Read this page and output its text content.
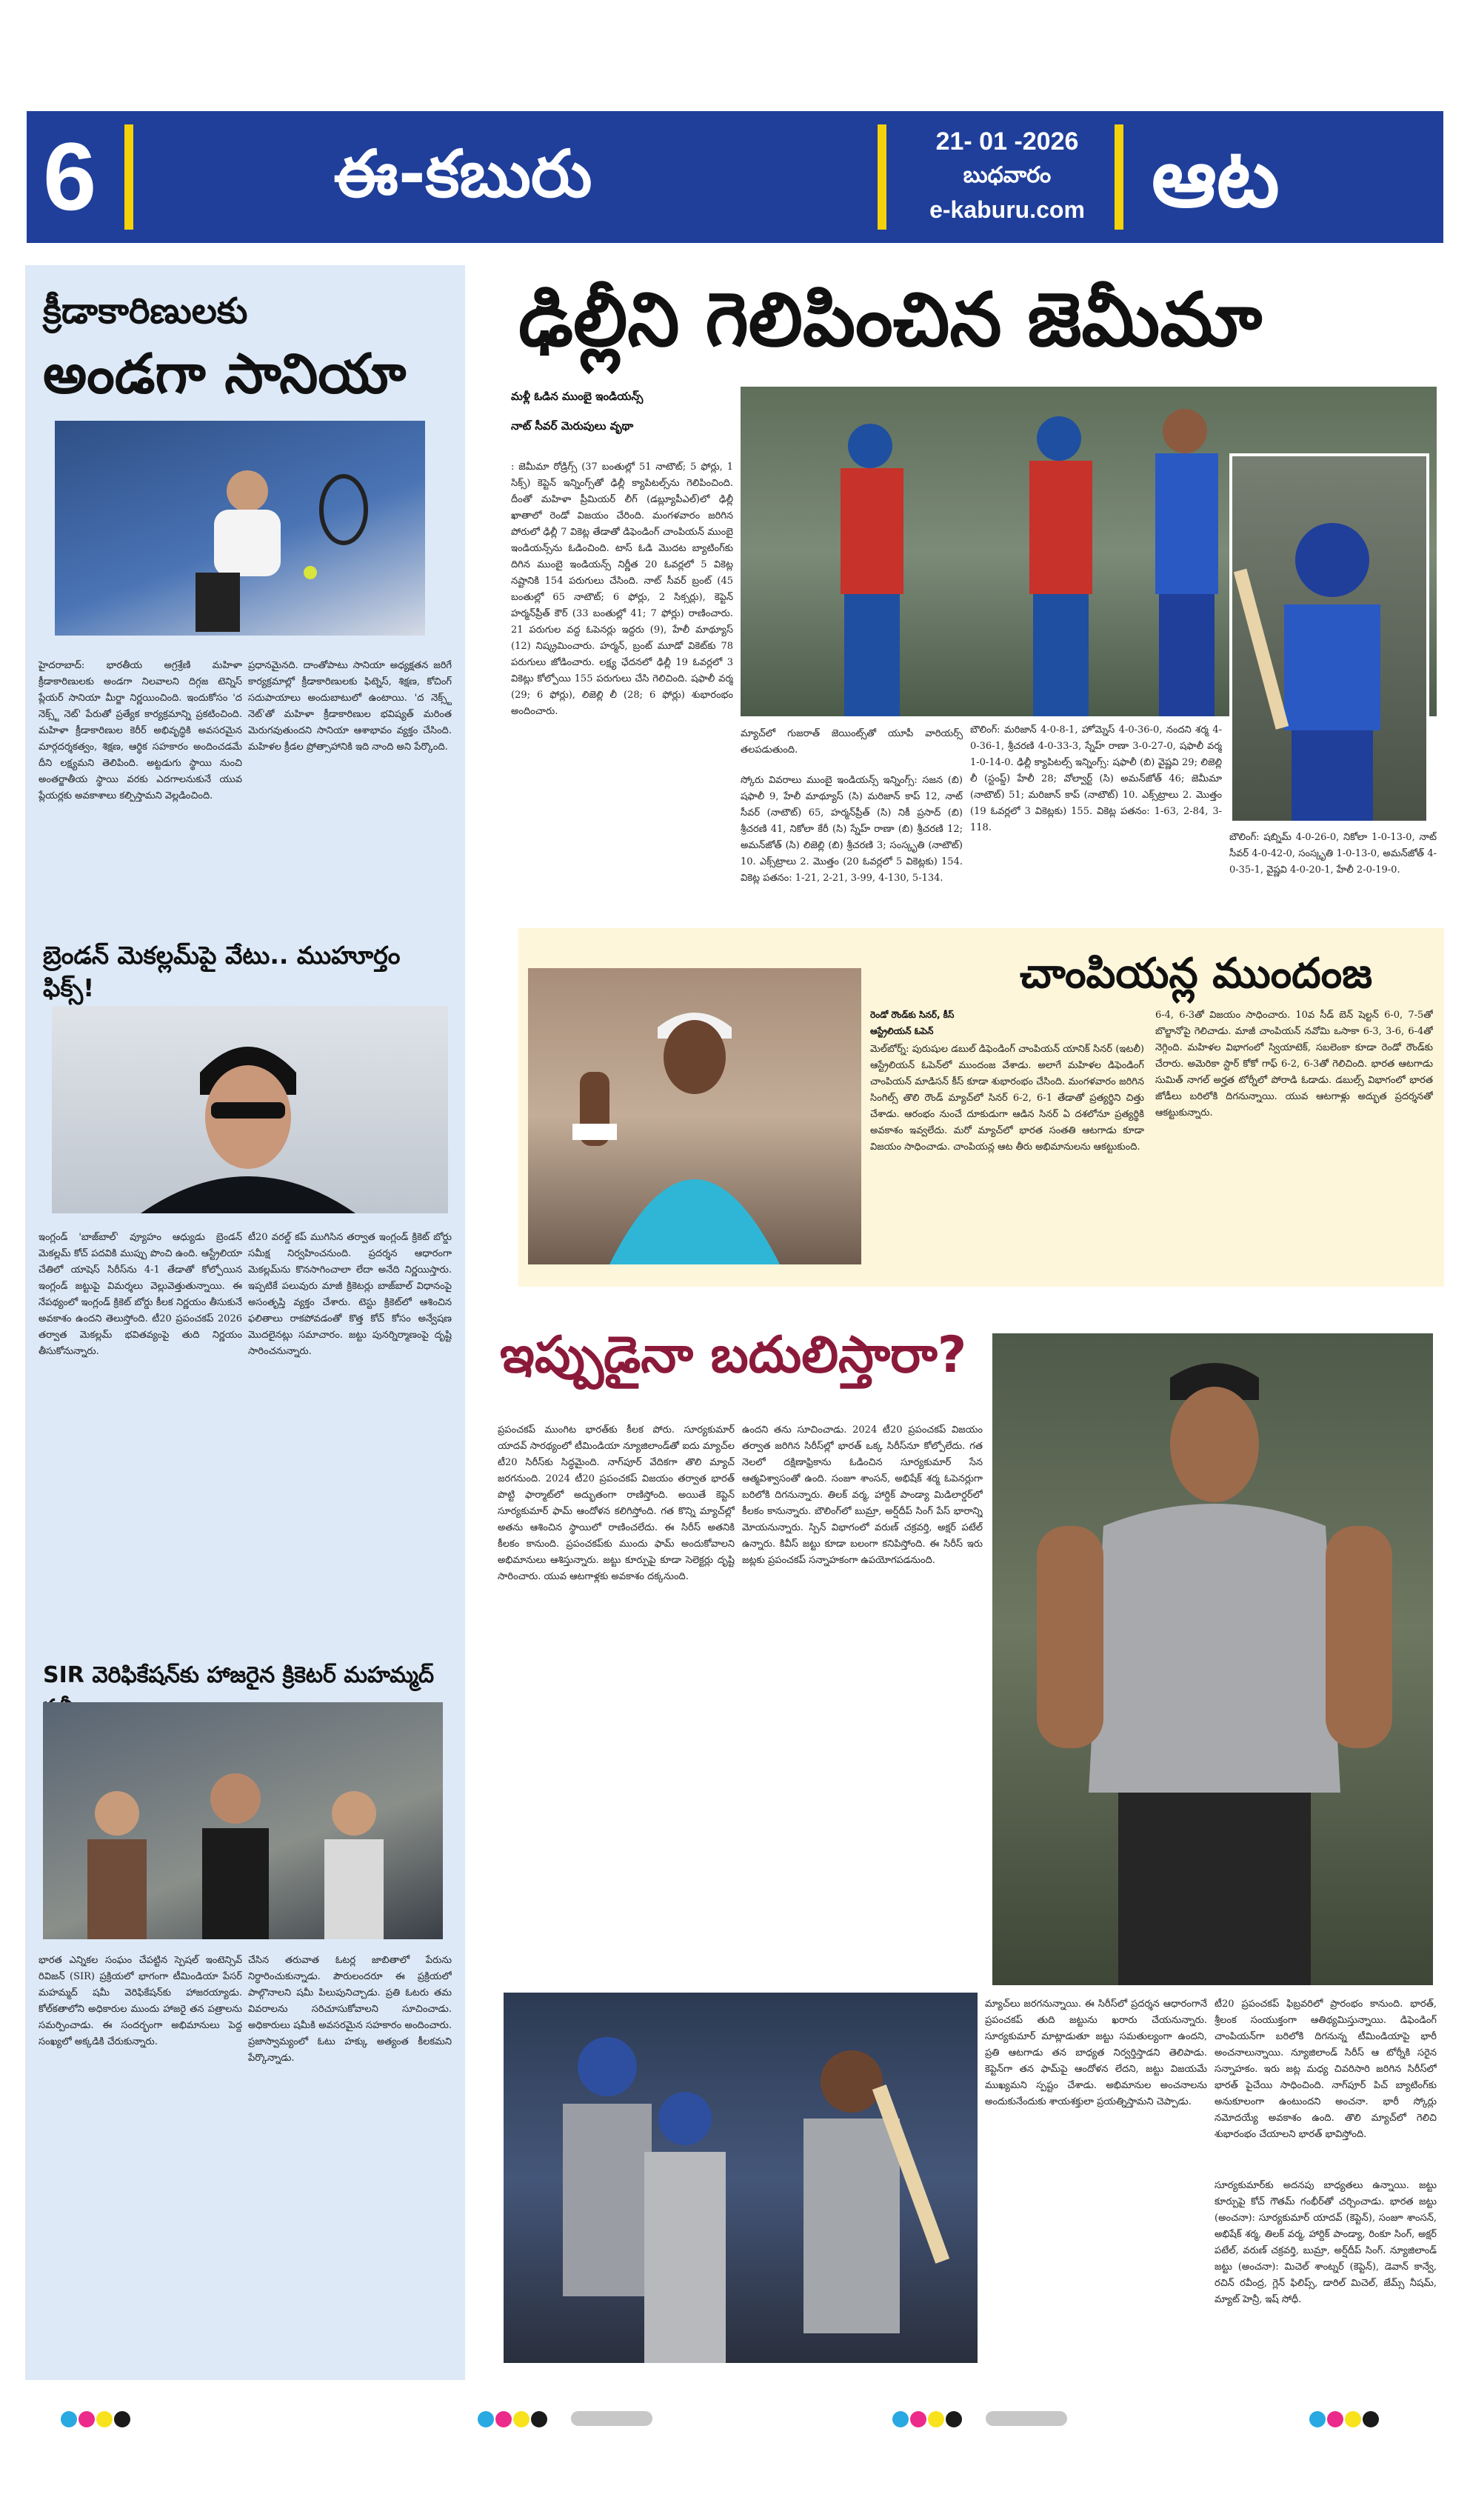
6	ఈ-కబురు	21- 01 -2026
బుధవారం
e-kaburu.com ఆట
క్రీడాకారిణులకు
అండగా సానియా
హైదరాబాద్: భారతీయ అగ్రశ్రేణి మహిళా క్రీడాకారిణులకు అండగా నిలవాలని దిగ్గజ టెన్నిస్ ప్లేయర్ సానియా మీర్జా నిర్ణయించింది. ఇందుకోసం 'ద నెక్స్ట్ నెట్' పేరుతో ప్రత్యేక కార్యక్రమాన్ని ప్రకటించింది. మహిళా క్రీడాకారిణుల కెరీర్ అభివృద్ధికి అవసరమైన మార్గదర్శకత్వం, శిక్షణ, ఆర్థిక సహకారం అందించడమే దీని లక్ష్యమని తెలిపింది. అట్టడుగు స్థాయి నుంచి అంతర్జాతీయ స్థాయి వరకు ఎదగాలనుకునే యువ ప్లేయర్లకు అవకాశాలు కల్పిస్తామని వెల్లడించింది.
ప్రధానమైనది. దాంతోపాటు సానియా అధ్యక్షతన జరిగే కార్యక్రమాల్లో క్రీడాకారిణులకు ఫిట్నెస్, శిక్షణ, కోచింగ్ సదుపాయాలు అందుబాటులో ఉంటాయి. 'ద నెక్స్ట్ నెట్'తో మహిళా క్రీడాకారిణుల భవిష్యత్ మరింత మెరుగవుతుందని సానియా ఆశాభావం వ్యక్తం చేసింది. మహిళల క్రీడల ప్రోత్సాహానికి ఇది నాంది అని పేర్కొంది.
బ్రెండన్ మెకల్లమ్‌పై వేటు.. ముహూర్తం ఫిక్స్!
ఇంగ్లండ్ 'బాజ్‌బాల్' వ్యూహం ఆధ్యుడు బ్రెండన్ మెకల్లమ్ కోచ్ పదవికి ముప్పు పొంచి ఉంది. ఆస్ట్రేలియా చేతిలో యాషెస్ సిరీస్‌ను 4-1 తేడాతో కోల్పోయిన ఇంగ్లండ్ జట్టుపై విమర్శలు వెల్లువెత్తుతున్నాయి. ఈ నేపథ్యంలో ఇంగ్లండ్ క్రికెట్ బోర్డు కీలక నిర్ణయం తీసుకునే అవకాశం ఉందని తెలుస్తోంది. టీ20 ప్రపంచకప్ 2026 తర్వాత మెకల్లమ్ భవితవ్యంపై తుది నిర్ణయం తీసుకోనున్నారు.
టీ20 వరల్డ్ కప్ ముగిసిన తర్వాత ఇంగ్లండ్ క్రికెట్ బోర్డు సమీక్ష నిర్వహించనుంది. ప్రదర్శన ఆధారంగా మెకల్లమ్‌ను కొనసాగించాలా లేదా అనేది నిర్ణయిస్తారు. ఇప్పటికే పలువురు మాజీ క్రికెటర్లు బాజ్‌బాల్ విధానంపై అసంతృప్తి వ్యక్తం చేశారు. టెస్టు క్రికెట్‌లో ఆశించిన ఫలితాలు రాకపోవడంతో కొత్త కోచ్ కోసం అన్వేషణ మొదలైనట్లు సమాచారం. జట్టు పునర్నిర్మాణంపై దృష్టి సారించనున్నారు.
SIR వెరిఫికేషన్‌కు హాజరైన క్రికెటర్ మహమ్మద్
భారత ఎన్నికల సంఘం చేపట్టిన స్పెషల్ ఇంటెన్సివ్ రివిజన్ (SIR) ప్రక్రియలో భాగంగా టీమిండియా పేసర్ మహమ్మద్ షమీ వెరిఫికేషన్‌కు హాజరయ్యాడు. కోల్‌కతాలోని అధికారుల ముందు హాజరై తన పత్రాలను సమర్పించాడు. ఈ సందర్భంగా అభిమానులు పెద్ద సంఖ్యలో అక్కడికి చేరుకున్నారు.
చేసిన తరువాత ఓటర్ల జాబితాలో పేరును నిర్ధారించుకున్నాడు. పౌరులందరూ ఈ ప్రక్రియలో పాల్గొనాలని షమీ పిలుపునిచ్చాడు. ప్రతి ఓటరు తమ వివరాలను సరిచూసుకోవాలని సూచించాడు. అధికారులు షమీకి అవసరమైన సహకారం అందించారు. ప్రజాస్వామ్యంలో ఓటు హక్కు అత్యంత కీలకమని పేర్కొన్నాడు.
ఢిల్లీని గెలిపించిన జెమీమా
మళ్లీ ఓడిన ముంబై ఇండియన్స్
నాట్ సీవర్ మెరుపులు వృథా
: జెమీమా రోడ్రిగ్స్ (37 బంతుల్లో 51 నాటౌట్; 5 ఫోర్లు, 1 సిక్స్) కెప్టెన్ ఇన్నింగ్స్‌తో ఢిల్లీ క్యాపిటల్స్‌ను గెలిపించింది. దీంతో మహిళా ప్రీమియర్ లీగ్ (డబ్ల్యూపీఎల్)లో ఢిల్లీ ఖాతాలో రెండో విజయం చేరింది. మంగళవారం జరిగిన పోరులో ఢిల్లీ 7 వికెట్ల తేడాతో డిఫెండింగ్ చాంపియన్ ముంబై ఇండియన్స్‌ను ఓడించింది. టాస్ ఓడి మొదట బ్యాటింగ్‌కు దిగిన ముంబై ఇండియన్స్ నిర్ణీత 20 ఓవర్లలో 5 వికెట్ల నష్టానికి 154 పరుగులు చేసింది. నాట్ సీవర్ బ్రంట్ (45 బంతుల్లో 65 నాటౌట్; 6 ఫోర్లు, 2 సిక్సర్లు), కెప్టెన్ హర్మన్‌ప్రీత్ కౌర్ (33 బంతుల్లో 41; 7 ఫోర్లు) రాణించారు. 21 పరుగుల వద్ద ఓపెనర్లు ఇద్దరు (9), హేలీ మాథ్యూస్ (12) నిష్క్రమించారు. హర్మన్, బ్రంట్ మూడో వికెట్‌కు 78 పరుగులు జోడించారు. లక్ష్య ఛేదనలో ఢిల్లీ 19 ఓవర్లలో 3 వికెట్లు కోల్పోయి 155 పరుగులు చేసి గెలిచింది. షఫాలీ వర్మ (29; 6 ఫోర్లు), లిజెల్లి లీ (28; 6 ఫోర్లు) శుభారంభం అందించారు.
మ్యాచ్‌లో గుజరాత్ జెయింట్స్‌తో యూపీ వారియర్స్ తలపడుతుంది.
స్కోరు వివరాలు ముంబై ఇండియన్స్ ఇన్నింగ్స్: సజన (బి) షఫాలీ 9, హేలీ మాథ్యూస్ (సి) మరిజాన్ కాప్ 12, నాట్ సీవర్ (నాటౌట్) 65, హర్మన్‌ప్రీత్ (సి) నికీ ప్రసాద్ (బి) శ్రీచరణి 41, నికోలా కేరీ (సి) స్నేహ్ రాణా (బి) శ్రీచరణి 12; అమన్‌జోత్ (సి) లిజెల్లి (బి) శ్రీచరణి 3; సంస్కృతి (నాటౌట్) 10. ఎక్స్‌ట్రాలు 2. మొత్తం (20 ఓవర్లలో 5 వికెట్లకు) 154. వికెట్ల పతనం: 1-21, 2-21, 3-99, 4-130, 5-134.
బౌలింగ్: మరిజాన్ 4-0-8-1, హోమ్నెస్ 4-0-36-0, నందని శర్మ 4-0-36-1, శ్రీచరణి 4-0-33-3, స్నేహ్ రాణా 3-0-27-0, షఫాలీ వర్మ 1-0-14-0. ఢిల్లీ క్యాపిటల్స్ ఇన్నింగ్స్: షఫాలీ (బి) వైష్ణవి 29; లిజెల్లి లీ (స్టంప్డ్) హేలీ 28; వోల్వార్ట్ (సి) అమన్‌జోత్ 46; జెమీమా (నాటౌట్) 51; మరిజాన్ కాప్ (నాటౌట్) 10. ఎక్స్‌ట్రాలు 2. మొత్తం (19 ఓవర్లలో 3 వికెట్లకు) 155. వికెట్ల పతనం: 1-63, 2-84, 3-118.
బౌలింగ్: షబ్నిమ్ 4-0-26-0, నికోలా 1-0-13-0, నాట్ సీవర్ 4-0-42-0, సంస్కృతి 1-0-13-0, అమన్‌జోత్ 4-0-35-1, వైష్ణవి 4-0-20-1, హేలీ 2-0-19-0.
చాంపియన్ల ముందంజ
రెండో రౌండ్‌కు సినర్, కీస్
ఆస్ట్రేలియన్ ఓపెన్
మెల్‌బోర్న్: పురుషుల డబుల్ డిఫెండింగ్ చాంపియన్ యానిక్ సినర్ (ఇటలీ) ఆస్ట్రేలియన్ ఓపెన్‌లో ముందంజ వేశాడు. అలాగే మహిళల డిఫెండింగ్ చాంపియన్ మాడిసన్ కీస్ కూడా శుభారంభం చేసింది. మంగళవారం జరిగిన సింగిల్స్ తొలి రౌండ్ మ్యాచ్‌లో సినర్ 6-2, 6-1 తేడాతో ప్రత్యర్థిని చిత్తు చేశాడు. ఆరంభం నుంచే దూకుడుగా ఆడిన సినర్ ఏ దశలోనూ ప్రత్యర్థికి అవకాశం ఇవ్వలేదు. మరో మ్యాచ్‌లో భారత సంతతి ఆటగాడు కూడా విజయం సాధించాడు. చాంపియన్ల ఆట తీరు అభిమానులను ఆకట్టుకుంది.
6-4, 6-3తో విజయం సాధించారు. 10వ సీడ్ బెన్ షెల్టన్ 6-0, 7-5తో బొల్జానోపై గెలిచాడు. మాజీ చాంపియన్ నవోమి ఒసాకా 6-3, 3-6, 6-4తో నెగ్గింది. మహిళల విభాగంలో స్వియాటెక్, సబలెంకా కూడా రెండో రౌండ్‌కు చేరారు. అమెరికా స్టార్ కోకో గాఫ్ 6-2, 6-3తో గెలిచింది. భారత ఆటగాడు సుమిత్ నాగల్ అర్హత టోర్నీలో పోరాడి ఓడాడు. డబుల్స్ విభాగంలో భారత జోడీలు బరిలోకి దిగనున్నాయి. యువ ఆటగాళ్లు అద్భుత ప్రదర్శనతో ఆకట్టుకున్నారు.
ఇప్పుడైనా బదులిస్తారా?
ప్రపంచకప్ ముంగిట భారత్‌కు కీలక పోరు. సూర్యకుమార్ యాదవ్ సారథ్యంలో టీమిండియా న్యూజిలాండ్‌తో ఐదు మ్యాచ్‌ల టీ20 సిరీస్‌కు సిద్ధమైంది. నాగ్‌పూర్ వేదికగా తొలి మ్యాచ్ జరగనుంది. 2024 టీ20 ప్రపంచకప్ విజయం తర్వాత భారత్ పొట్టి ఫార్మాట్‌లో అద్భుతంగా రాణిస్తోంది. అయితే కెప్టెన్ సూర్యకుమార్ ఫామ్ ఆందోళన కలిగిస్తోంది. గత కొన్ని మ్యాచ్‌ల్లో అతను ఆశించిన స్థాయిలో రాణించలేదు. ఈ సిరీస్ అతనికి కీలకం కానుంది. ప్రపంచకప్‌కు ముందు ఫామ్ అందుకోవాలని అభిమానులు ఆశిస్తున్నారు. జట్టు కూర్పుపై కూడా సెలెక్టర్లు దృష్టి సారించారు. యువ ఆటగాళ్లకు అవకాశం దక్కనుంది.
ఉందని తను సూచించాడు. 2024 టీ20 ప్రపంచకప్ విజయం తర్వాత జరిగిన సిరీస్‌ల్లో భారత్ ఒక్క సిరీస్‌నూ కోల్పోలేదు. గత నెలలో దక్షిణాఫ్రికాను ఓడించిన సూర్యకుమార్ సేన ఆత్మవిశ్వాసంతో ఉంది. సంజూ శాంసన్, అభిషేక్ శర్మ ఓపెనర్లుగా బరిలోకి దిగనున్నారు. తిలక్ వర్మ, హార్దిక్ పాండ్యా మిడిలార్డర్‌లో కీలకం కానున్నారు. బౌలింగ్‌లో బుమ్రా, అర్ష్‌దీప్ సింగ్ పేస్ భారాన్ని మోయనున్నారు. స్పిన్ విభాగంలో వరుణ్ చక్రవర్తి, అక్షర్ పటేల్ ఉన్నారు. కివీస్ జట్టు కూడా బలంగా కనిపిస్తోంది. ఈ సిరీస్ ఇరు జట్లకు ప్రపంచకప్ సన్నాహకంగా ఉపయోగపడనుంది.
మ్యాచ్‌లు జరగనున్నాయి. ఈ సిరీస్‌లో ప్రదర్శన ఆధారంగానే ప్రపంచకప్ తుది జట్టును ఖరారు చేయనున్నారు. సూర్యకుమార్ మాట్లాడుతూ జట్టు సమతుల్యంగా ఉందని, ప్రతి ఆటగాడు తన బాధ్యత నిర్వర్తిస్తాడని తెలిపాడు. కెప్టెన్‌గా తన ఫామ్‌పై ఆందోళన లేదని, జట్టు విజయమే ముఖ్యమని స్పష్టం చేశాడు. అభిమానుల అంచనాలను అందుకునేందుకు శాయశక్తులా ప్రయత్నిస్తామని చెప్పాడు.
టీ20 ప్రపంచకప్ ఫిబ్రవరిలో ప్రారంభం కానుంది. భారత్, శ్రీలంక సంయుక్తంగా ఆతిథ్యమిస్తున్నాయి. డిఫెండింగ్ చాంపియన్‌గా బరిలోకి దిగనున్న టీమిండియాపై భారీ అంచనాలున్నాయి. న్యూజిలాండ్ సిరీస్ ఆ టోర్నీకి సరైన సన్నాహకం. ఇరు జట్ల మధ్య చివరిసారి జరిగిన సిరీస్‌లో భారత్ పైచేయి సాధించింది. నాగ్‌పూర్ పిచ్ బ్యాటింగ్‌కు అనుకూలంగా ఉంటుందని అంచనా. భారీ స్కోర్లు నమోదయ్యే అవకాశం ఉంది. తొలి మ్యాచ్‌లో గెలిచి శుభారంభం చేయాలని భారత్ భావిస్తోంది.
సూర్యకుమార్‌కు అదనపు బాధ్యతలు ఉన్నాయి. జట్టు కూర్పుపై కోచ్ గౌతమ్ గంభీర్‌తో చర్చించాడు. భారత జట్టు (అంచనా): సూర్యకుమార్ యాదవ్ (కెప్టెన్), సంజూ శాంసన్, అభిషేక్ శర్మ, తిలక్ వర్మ, హార్దిక్ పాండ్యా, రింకూ సింగ్, అక్షర్ పటేల్, వరుణ్ చక్రవర్తి, బుమ్రా, అర్ష్‌దీప్ సింగ్. న్యూజిలాండ్ జట్టు (అంచనా): మిచెల్ శాంట్నర్ (కెప్టెన్), డెవాన్ కాన్వే, రచిన్ రవీంద్ర, గ్లెన్ ఫిలిప్స్, డారిల్ మిచెల్, జేమ్స్ నీషమ్, మ్యాట్ హెన్రీ, ఇష్ సోధీ.
